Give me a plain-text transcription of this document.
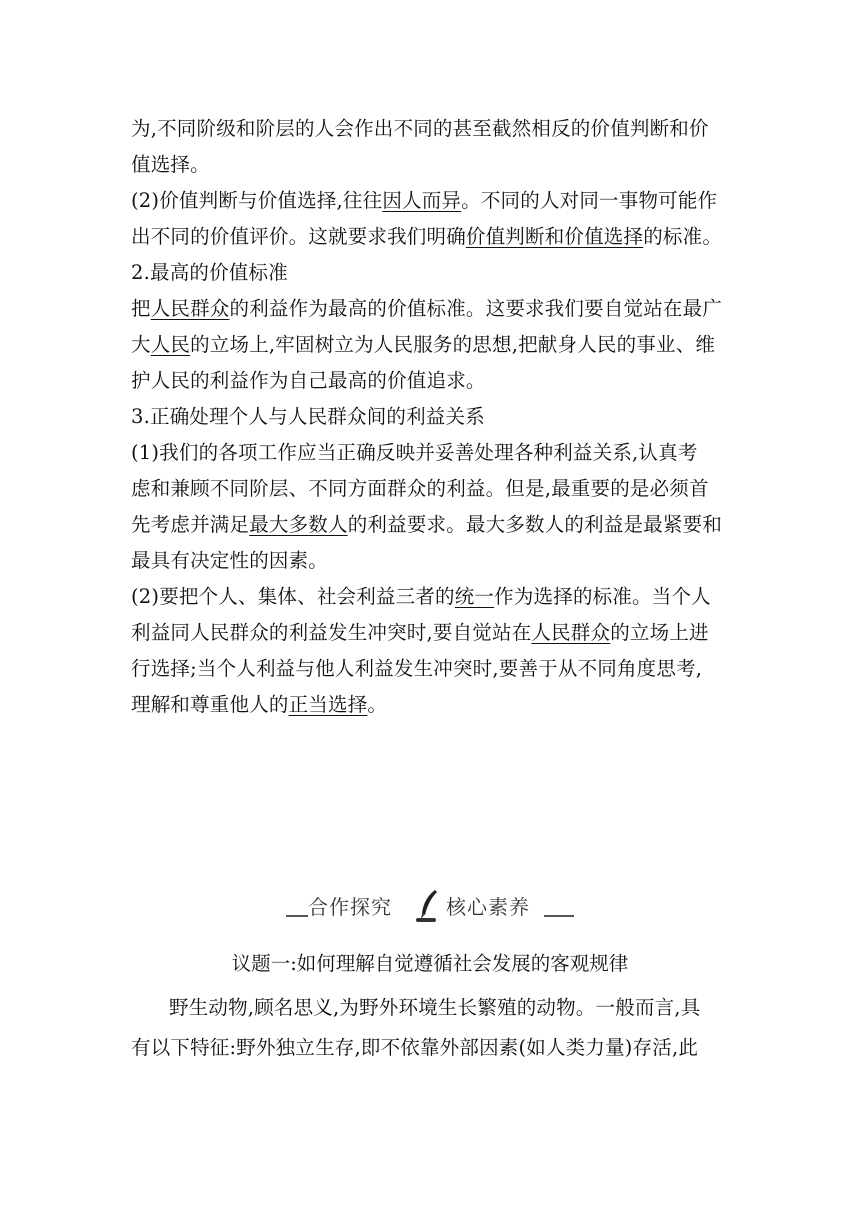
为,不同阶级和阶层的人会作出不同的甚至截然相反的价值判断和价
值选择。
(2)价值判断与价值选择,往往因人而异。不同的人对同一事物可能作
出不同的价值评价。这就要求我们明确价值判断和价值选择的标准。
2.最高的价值标准
把人民群众的利益作为最高的价值标准。这要求我们要自觉站在最广
大人民的立场上,牢固树立为人民服务的思想,把献身人民的事业、维
护人民的利益作为自己最高的价值追求。
3.正确处理个人与人民群众间的利益关系
(1)我们的各项工作应当正确反映并妥善处理各种利益关系,认真考
虑和兼顾不同阶层、不同方面群众的利益。但是,最重要的是必须首
先考虑并满足最大多数人的利益要求。最大多数人的利益是最紧要和
最具有决定性的因素。
(2)要把个人、集体、社会利益三者的统一作为选择的标准。当个人
利益同人民群众的利益发生冲突时,要自觉站在人民群众的立场上进
行选择;当个人利益与他人利益发生冲突时,要善于从不同角度思考,
理解和尊重他人的正当选择。
合作探究	核心素养
议题一:如何理解自觉遵循社会发展的客观规律
野生动物,顾名思义,为野外环境生长繁殖的动物。一般而言,具
有以下特征:野外独立生存,即不依靠外部因素(如人类力量)存活,此
